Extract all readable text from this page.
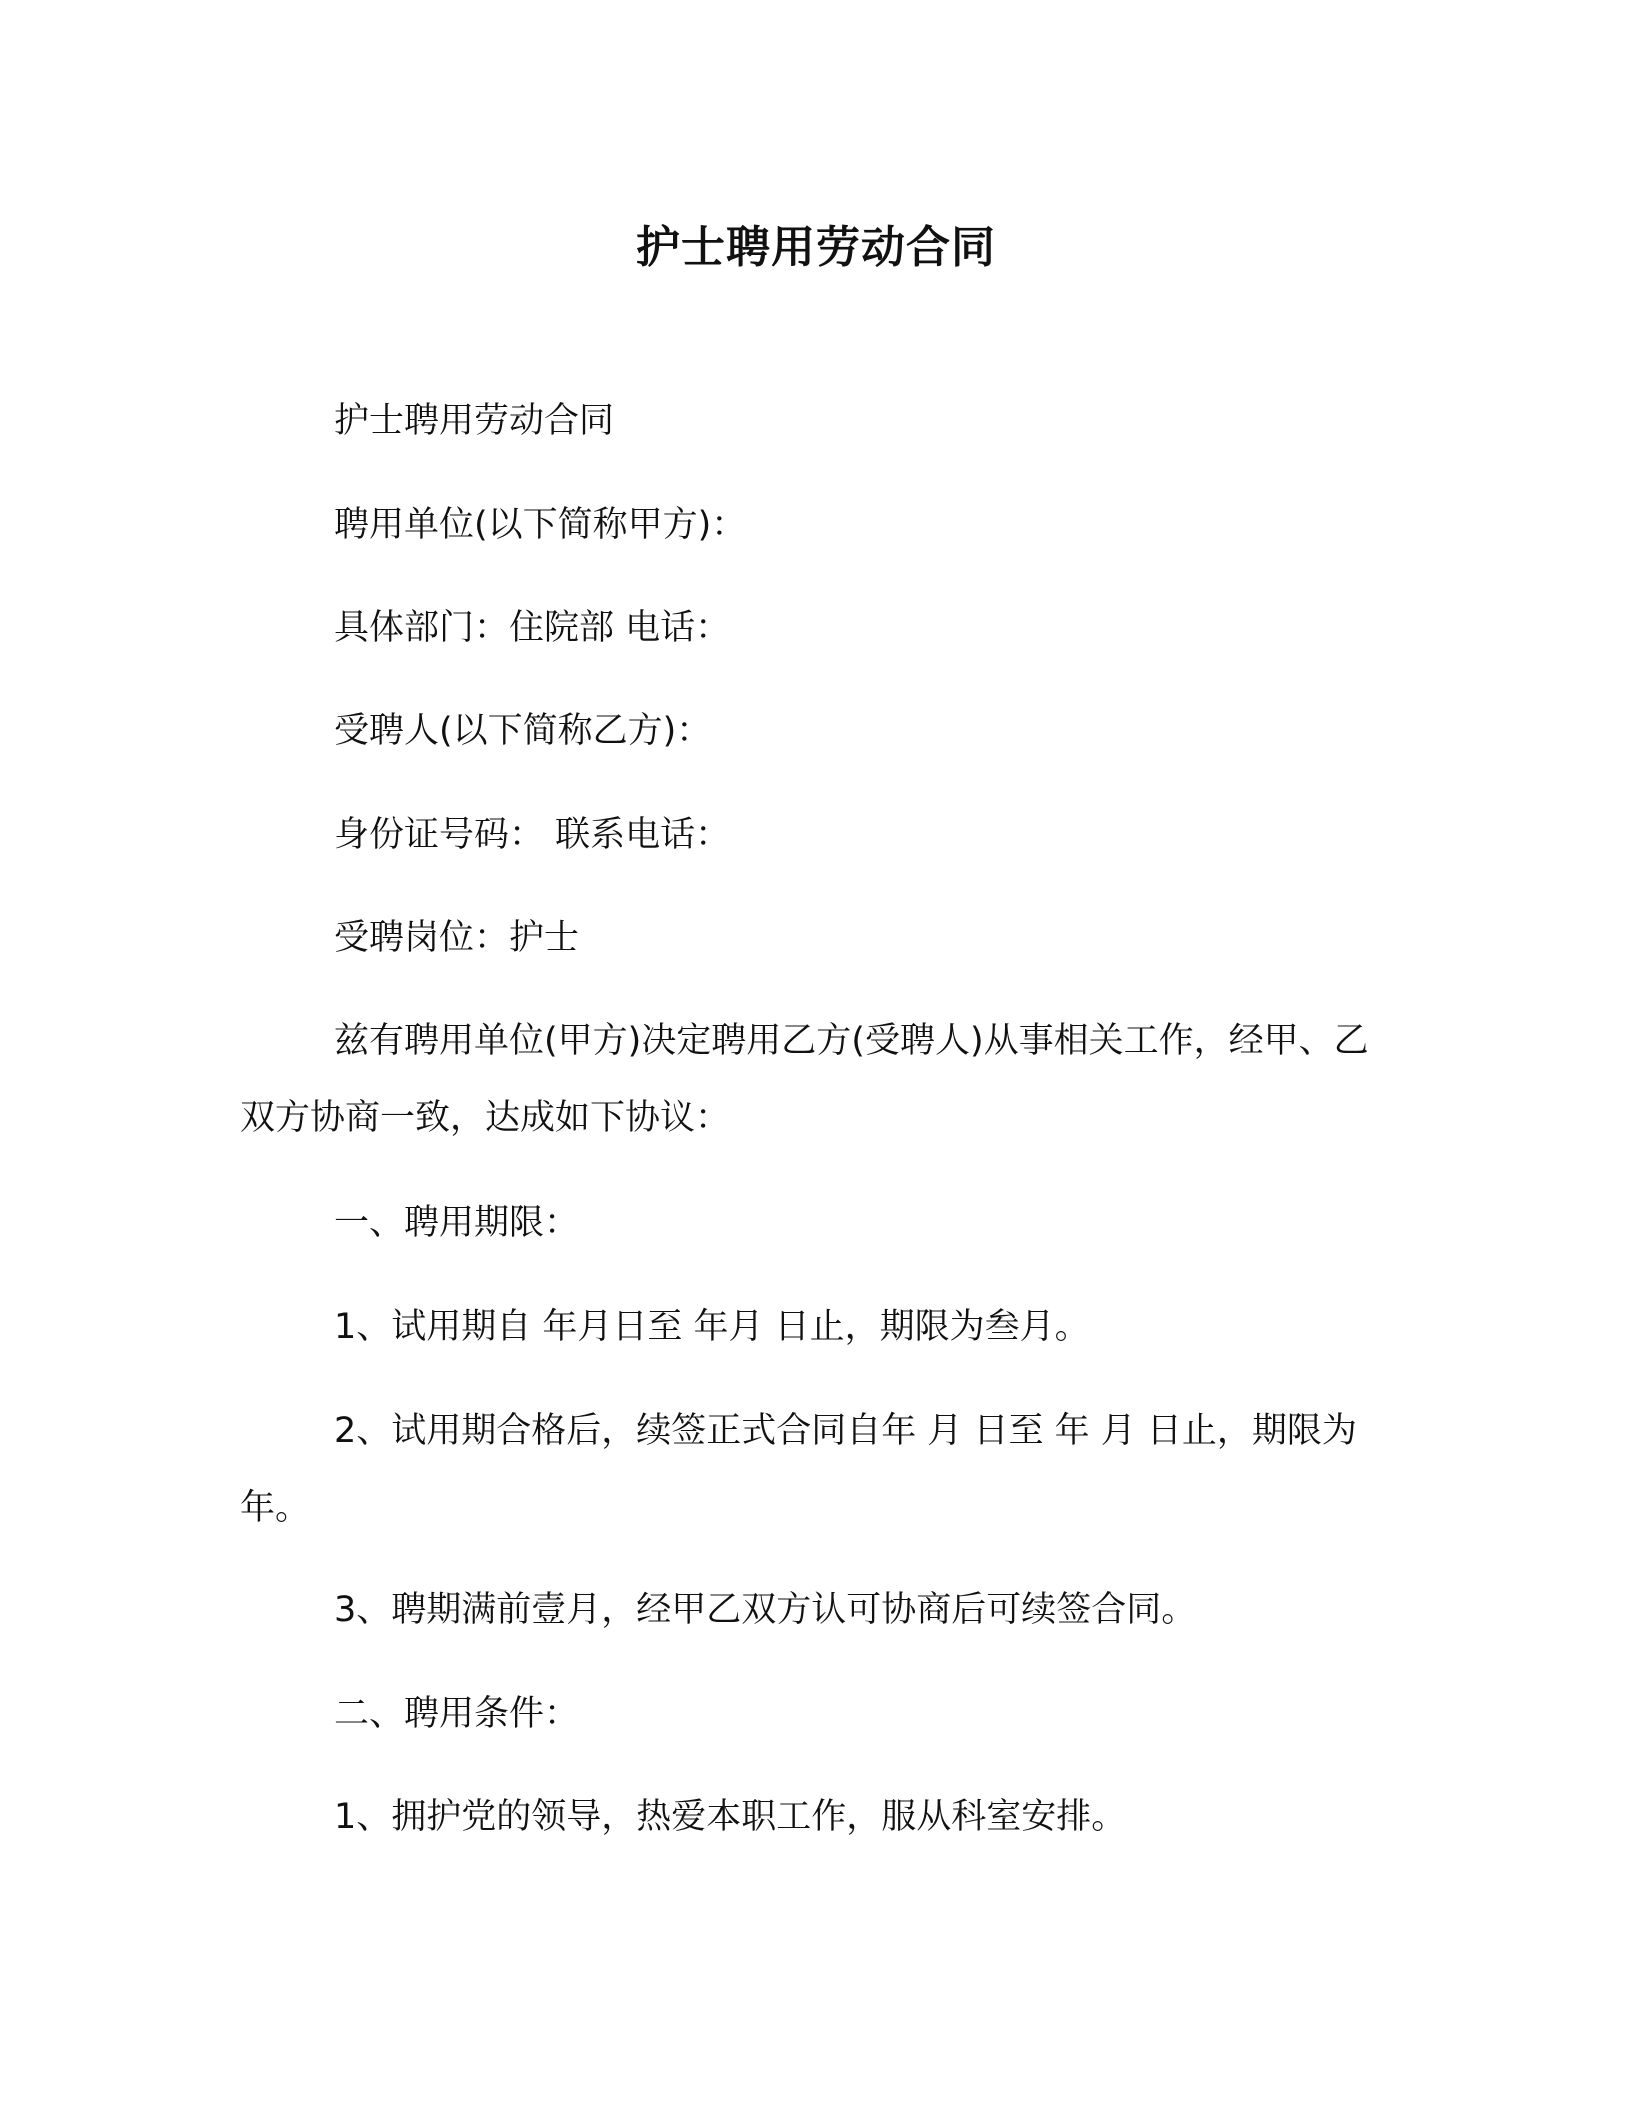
护士聘用劳动合同
护士聘用劳动合同
聘用单位(以下简称甲方)：
具体部门：住院部 电话：
受聘人(以下简称乙方)：
身份证号码： 联系电话：
受聘岗位：护士
兹有聘用单位(甲方)决定聘用乙方(受聘人)从事相关工作，经甲、乙双方协商一致，达成如下协议：
一、聘用期限：
1、试用期自 年月日至 年月 日止，期限为叁月。
2、试用期合格后，续签正式合同自年 月 日至 年 月 日止，期限为 年。
3、聘期满前壹月，经甲乙双方认可协商后可续签合同。
二、聘用条件：
1、拥护党的领导，热爱本职工作，服从科室安排。
